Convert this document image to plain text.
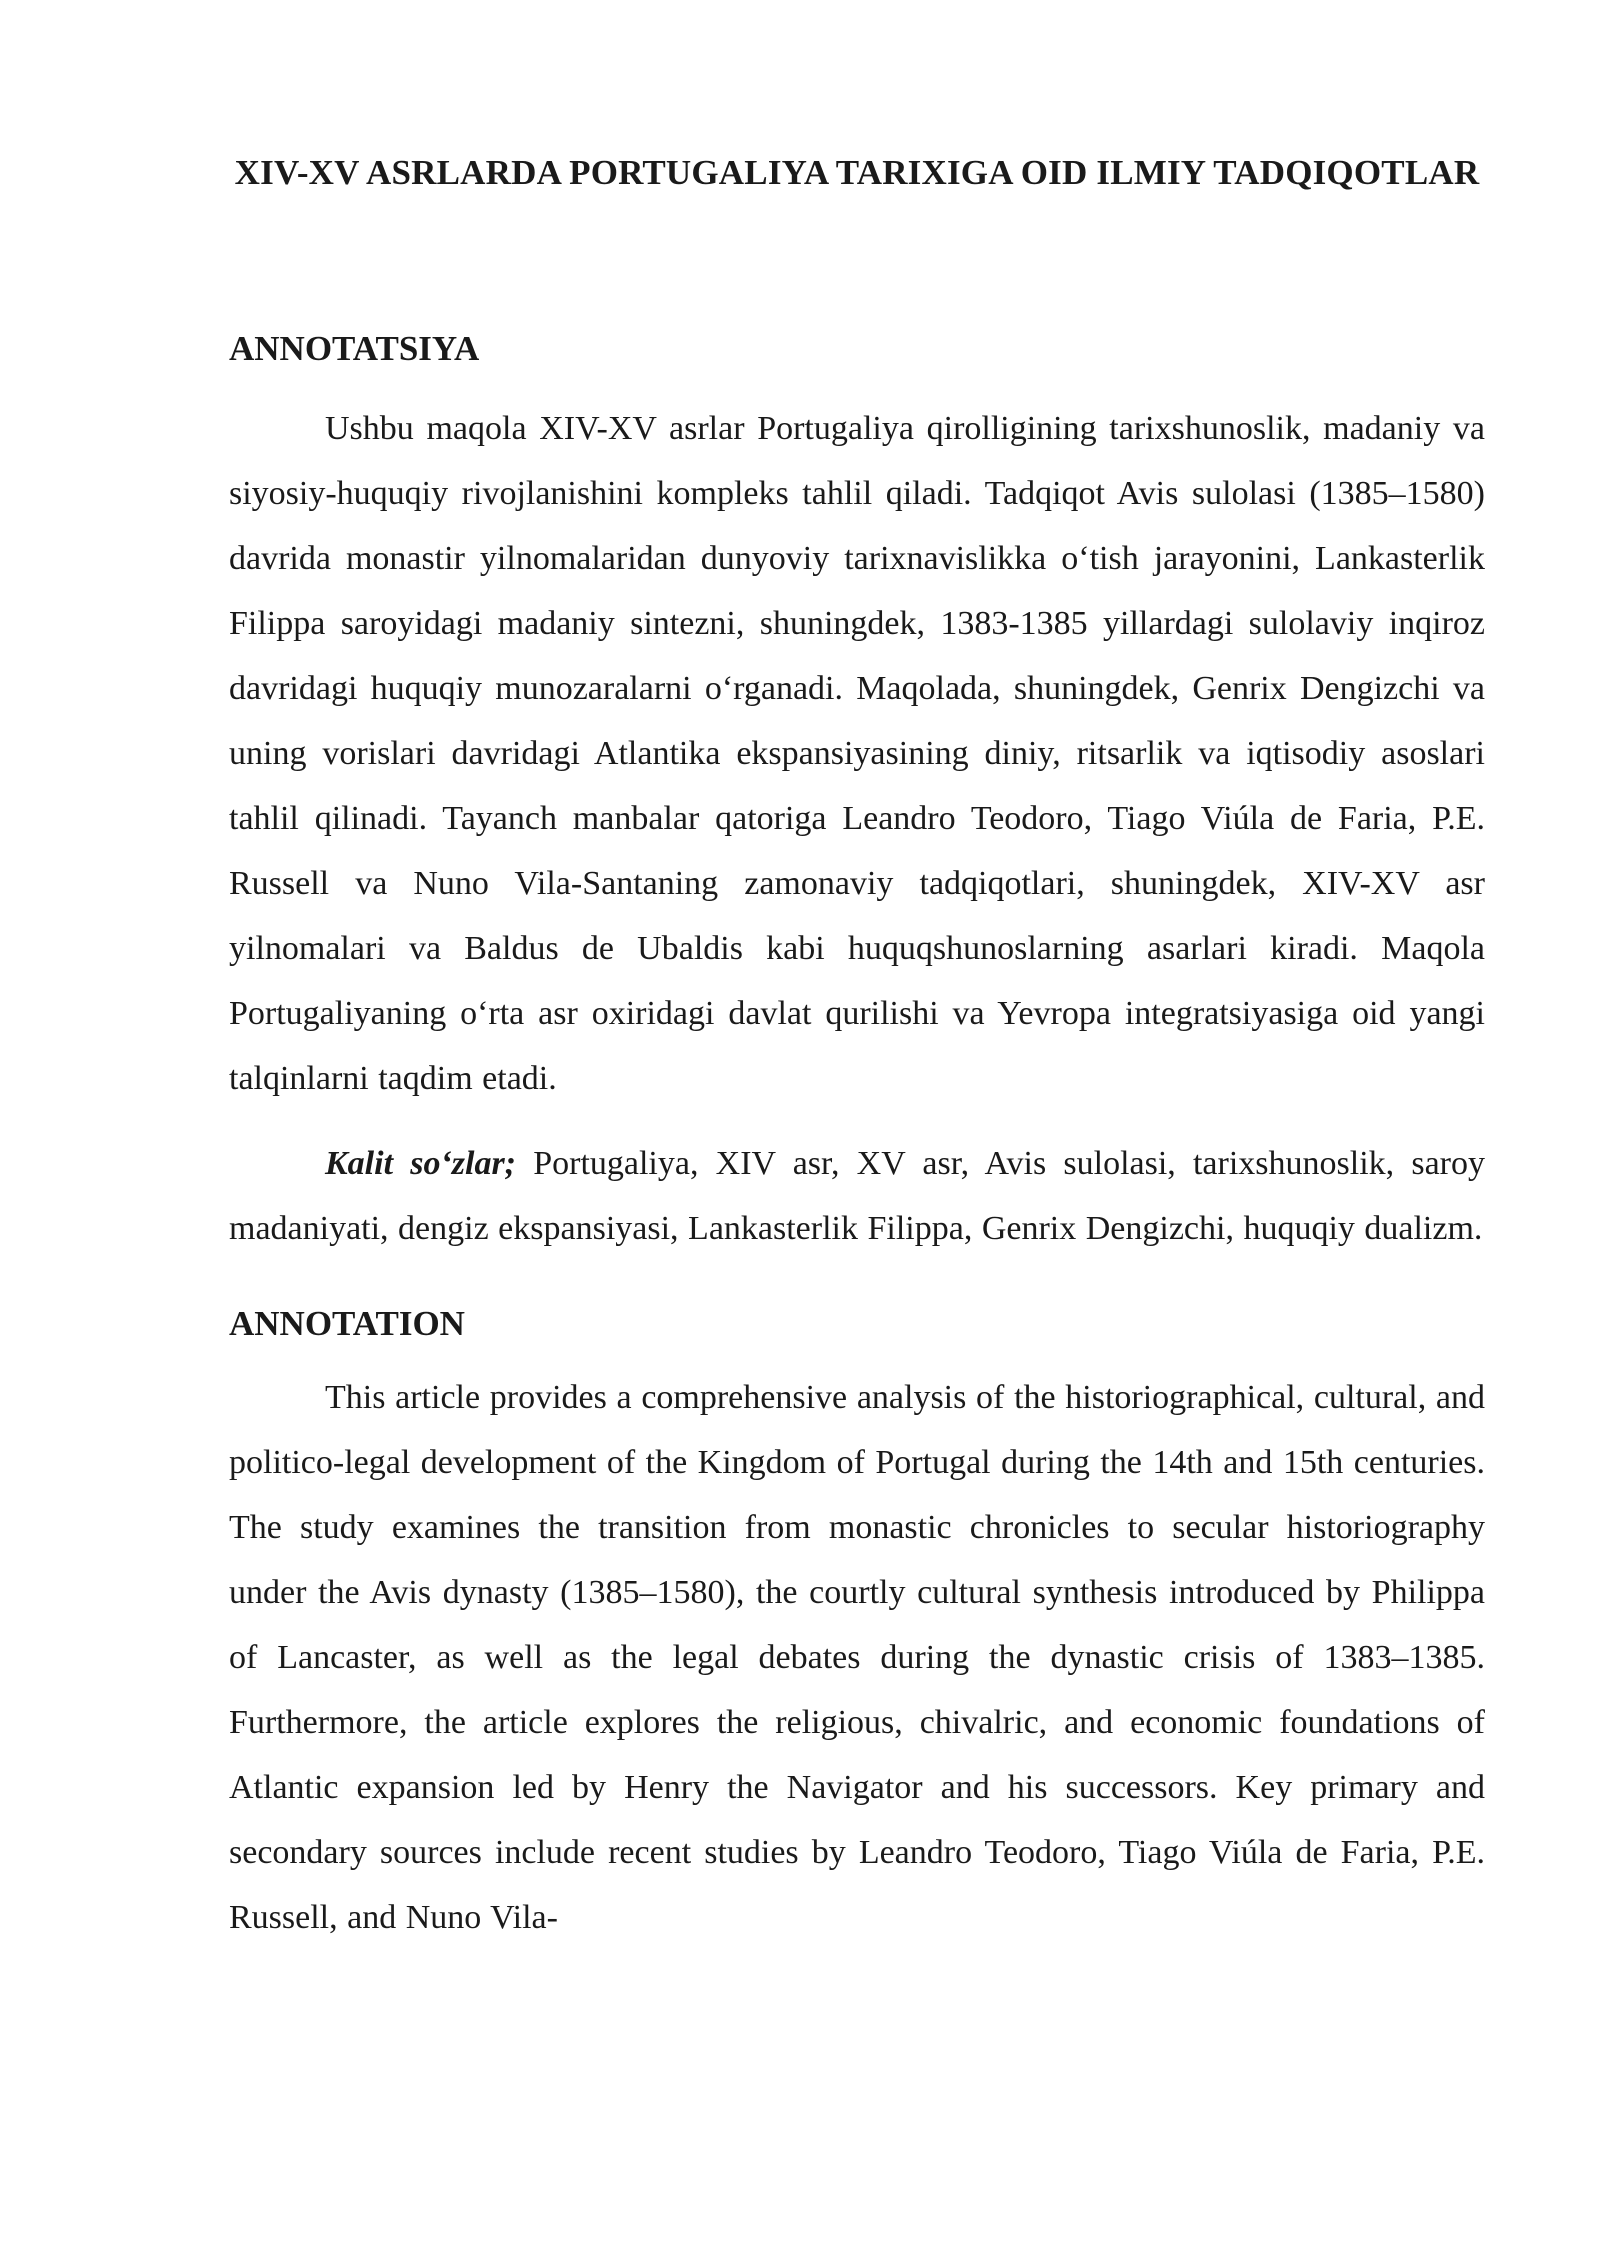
XIV-XV ASRLARDA PORTUGALIYA TARIXIGA OID ILMIY TADQIQOTLAR
ANNOTATSIYA

Ushbu maqola XIV-XV asrlar Portugaliya qirolligining tarixshunoslik, madaniy va siyosiy-huquqiy rivojlanishini kompleks tahlil qiladi. Tadqiqot Avis sulolasi (1385–1580) davrida monastir yilnomalaridan dunyoviy tarixnavislikka o‘tish jarayonini, Lankasterlik Filippa saroyidagi madaniy sintezni, shuningdek, 1383-1385 yillardagi sulolaviy inqiroz davridagi huquqiy munozaralarni o‘rganadi. Maqolada, shuningdek, Genrix Dengizchi va uning vorislari davridagi Atlantika ekspansiyasining diniy, ritsarlik va iqtisodiy asoslari tahlil qilinadi. Tayanch manbalar qatoriga Leandro Teodoro, Tiago Viúla de Faria, P.E. Russell va Nuno Vila-Santaning zamonaviy tadqiqotlari, shuningdek, XIV-XV asr yilnomalari va Baldus de Ubaldis kabi huquqshunoslarning asarlari kiradi. Maqola Portugaliyaning o‘rta asr oxiridagi davlat qurilishi va Yevropa integratsiyasiga oid yangi talqinlarni taqdim etadi.

Kalit so‘zlar; Portugaliya, XIV asr, XV asr, Avis sulolasi, tarixshunoslik, saroy madaniyati, dengiz ekspansiyasi, Lankasterlik Filippa, Genrix Dengizchi, huquqiy dualizm.

ANNOTATION

This article provides a comprehensive analysis of the historiographical, cultural, and politico-legal development of the Kingdom of Portugal during the 14th and 15th centuries. The study examines the transition from monastic chronicles to secular historiography under the Avis dynasty (1385–1580), the courtly cultural synthesis introduced by Philippa of Lancaster, as well as the legal debates during the dynastic crisis of 1383–1385. Furthermore, the article explores the religious, chivalric, and economic foundations of Atlantic expansion led by Henry the Navigator and his successors. Key primary and secondary sources include recent studies by Leandro Teodoro, Tiago Viúla de Faria, P.E. Russell, and Nuno Vila-
